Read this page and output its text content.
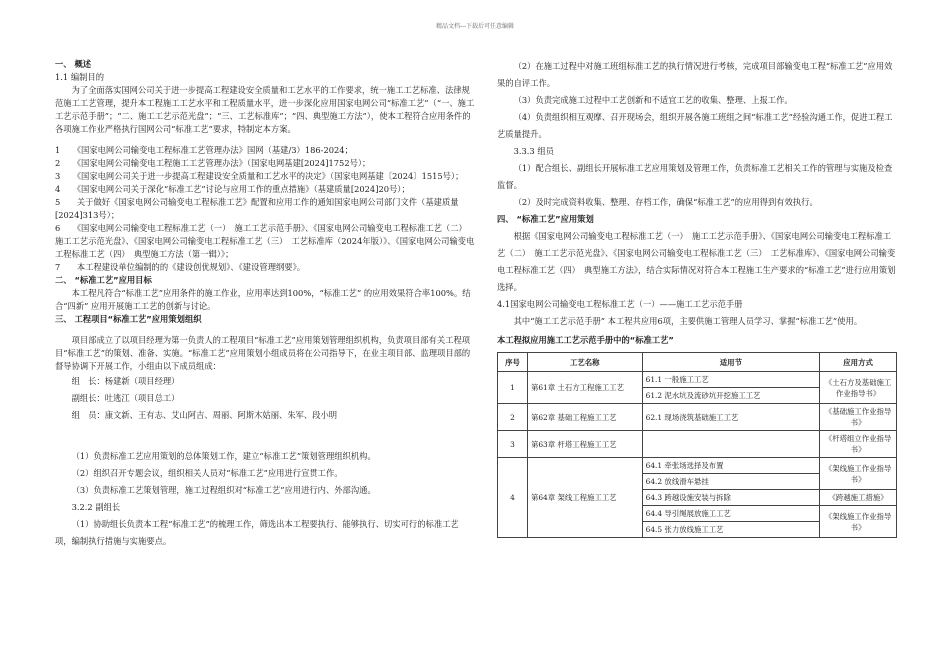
精品文档---下载后可任意编辑

一、 概述

1.1 编制目的

为了全面落实国网公司关于进一步提高工程建设安全质量和工艺水平的工作要求，统一施工工艺标准、法律规范施工工艺管理，提升本工程施工工艺水平和工程质量水平，进一步深化应用国家电网公司“标准工艺”（“一、施工工艺示范手册”；“二、施工工艺示范光盘”；“三、工艺标准库”；“四、典型施工方法”），使本工程符合应用条件的各项施工作业严格执行国网公司“标准工艺”要求，特制定本方案。

1　　《国家电网公司输变电工程标准工艺管理办法》国网（基建/3）186-2024；

2　　《国家电网公司输变电工程施工工艺管理办法》（国家电网基建[2024]1752号）；

3　　《国家电网公司关于进一步提高工程建设安全质量和工艺水平的决定》（国家电网基建〔2024〕1515号）；

4　　《国家电网公司关于深化“标准工艺”讨论与应用工作的重点措施》（基建质量[2024]20号）；

5　　关于做好《国家电网公司输变电工程标准工艺》配置和应用工作的通知国家电网公司部门文件（基建质量[2024]313号）；

6　　《国家电网公司输变电工程标准工艺（一）　施工工艺示范手册》、《国家电网公司输变电工程标准工艺（二）　施工工艺示范光盘》、《国家电网公司输变电工程标准工艺（三）　工艺标准库（2024年版）》、《国家电网公司输变电工程标准工艺（四）　典型施工方法（第一辑）》；

7　　本工程建设单位编制的的《建设创优规划》、《建设管理纲要》。

二、 “标准工艺”应用目标

本工程凡符合“标准工艺”应用条件的施工作业，应用率达到100%，“标准工艺” 的应用效果符合率100%。结合“四新” 应用开展施工工艺的创新与讨论。

三、 工程项目“标准工艺”应用策划组织

项目部成立了以项目经理为第一负责人的工程项目“标准工艺”应用策划管理组织机构，负责项目部有关工程项目“标准工艺”的策划、准备、实施。“标准工艺”应用策划小组成员将在公司指导下，在业主项目部、监理项目部的督导协调下开展工作，小组由以下成员组成：

组　长：杨建新（项目经理）

副组长：吐逃江（项目总工）

组　员：康文新、王有志、艾山阿吉、周丽、阿斯木姑丽、朱军、段小明

（1）负责标准工艺应用策划的总体策划工作，建立“标准工艺”策划管理组织机构。

（2）组织召开专题会议，组织相关人员对“标准工艺”应用进行宣贯工作。

（3）负责标准工艺策划管理，施工过程组织对“标准工艺”应用进行内、外部沟通。

3.2.2 副组长

（1）协助组长负责本工程“标准工艺”的梳理工作，筛选出本工程要执行、能够执行、切实可行的标准工艺项，编制执行措施与实施要点。

（2）在施工过程中对施工班组标准工艺的执行情况进行考核，完成项目部输变电工程“标准工艺”应用效果的自评工作。

（3）负责完成施工过程中工艺创新和不适宜工艺的收集、整理、上报工作。

（4）负责组织相互观摩、召开现场会，组织开展各施工班组之间“标准工艺”经验沟通工作，促进工程工艺质量提升。

3.3.3 组员

（1）配合组长、副组长开展标准工艺应用策划及管理工作，负责标准工艺相关工作的管理与实施及检查监督。

（2）及时完成资料收集、整理、存档工作，确保“标准工艺”的应用得到有效执行。

四、 “标准工艺”应用策划

根据《国家电网公司输变电工程标准工艺（一）　施工工艺示范手册》、《国家电网公司输变电工程标准工艺（二）　施工工艺示范光盘》、《国家电网公司输变电工程标准工艺（三）　工艺标准库》、《国家电网公司输变电工程标准工艺（四）　典型施工方法》，结合实际情况对符合本工程施工生产要求的“标准工艺”进行应用策划选择。

4.1国家电网公司输变电工程标准工艺（一）——施工工艺示范手册

其中“施工工艺示范手册” 本工程共应用6项，主要供施工管理人员学习、掌握“标准工艺”使用。

本工程拟应用施工工艺示范手册中的“标准工艺”

序号	工艺名称	适用节	应用方式
1	第61章 土石方工程施工工艺	61.1 一般施工工艺	《土石方及基础施工作业指导书》
		61.2 泥水坑及流砂坑开挖施工工艺	
2	第62章 基础工程施工工艺	62.1 现场浇筑基础施工工艺	《基础施工作业指导书》
3	第63章 杆塔工程施工工艺		《杆塔组立作业指导书》
4	第64章 架线工程施工工艺	64.1 牵张场选择及布置	《架线施工作业指导书》
		64.2 放线滑车悬挂	
		64.3 跨越设施安装与拆除	《跨越施工措施》
		64.4 导引绳展放施工工艺	《架线施工作业指导书》
		64.5 张力放线施工工艺	
